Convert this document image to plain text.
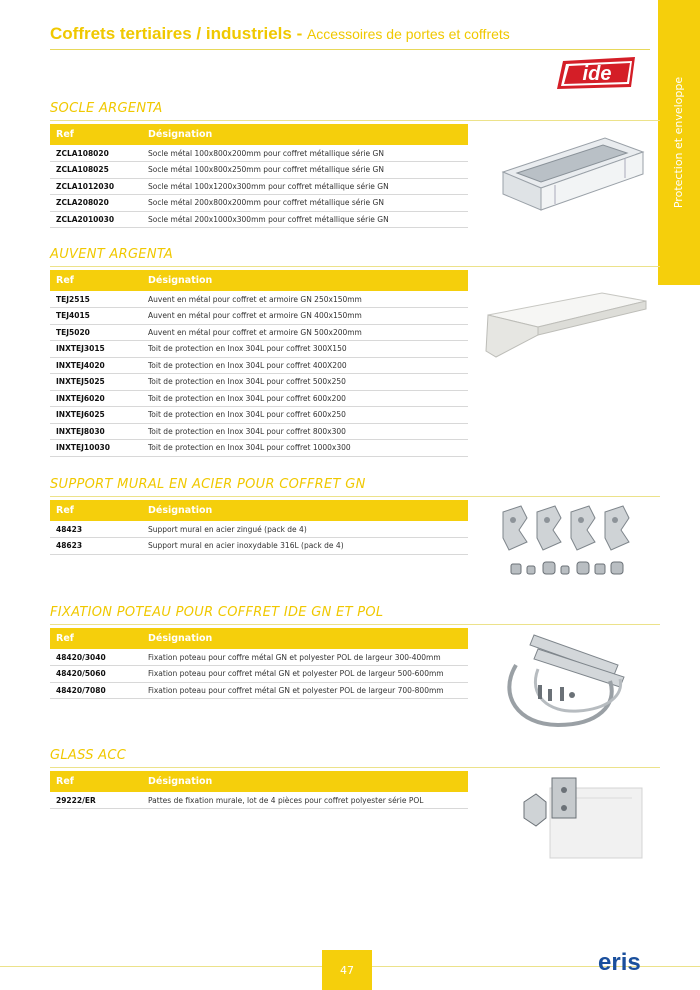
Coffrets tertiaires / industriels - Accessoires de portes et coffrets
Protection et enveloppe
ide
SOCLE ARGENTA
Ref	Désignation
ZCLA108020	Socle métal 100x800x200mm pour coffret métallique série GN
ZCLA108025	Socle métal 100x800x250mm pour coffret métallique série GN
ZCLA1012030	Socle métal 100x1200x300mm pour coffret métallique série GN
ZCLA208020	Socle métal 200x800x200mm pour coffret métallique série GN
ZCLA2010030	Socle métal 200x1000x300mm pour coffret métallique série GN
AUVENT ARGENTA
Ref	Désignation
TEJ2515	Auvent en métal pour coffret et armoire GN 250x150mm
TEJ4015	Auvent en métal pour coffret et armoire GN 400x150mm
TEJ5020	Auvent en métal pour coffret et armoire GN 500x200mm
INXTEJ3015	Toit de protection en Inox 304L pour coffret 300X150
INXTEJ4020	Toit de protection en Inox 304L pour coffret 400X200
INXTEJ5025	Toit de protection en Inox 304L pour coffret 500x250
INXTEJ6020	Toit de protection en Inox 304L pour coffret 600x200
INXTEJ6025	Toit de protection en Inox 304L pour coffret 600x250
INXTEJ8030	Toit de protection en Inox 304L pour coffret 800x300
INXTEJ10030	Toit de protection en Inox 304L pour coffret 1000x300
SUPPORT MURAL EN ACIER POUR COFFRET GN
Ref	Désignation
48423	Support mural en acier zingué (pack de 4)
48623	Support mural en acier inoxydable 316L (pack de 4)
FIXATION POTEAU POUR COFFRET IDE GN ET POL
Ref	Désignation
48420/3040	Fixation poteau pour coffre métal GN et polyester POL de largeur 300-400mm
48420/5060	Fixation poteau pour coffret métal GN et polyester POL de largeur 500-600mm
48420/7080	Fixation poteau pour coffret métal GN et polyester POL de largeur 700-800mm
GLASS ACC
Ref	Désignation
29222/ER	Pattes de fixation murale, lot de 4 pièces pour coffret polyester série POL
47	eris
